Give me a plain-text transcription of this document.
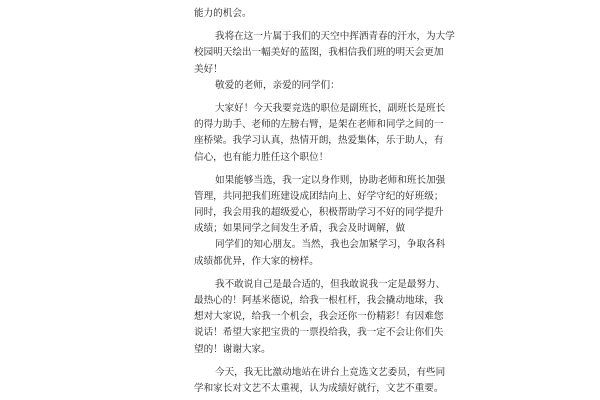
能力的机会。
我将在这一片属于我们的天空中挥洒青春的汗水，为大学
校园明天绘出一幅美好的蓝图，我相信我们班的明天会更加
美好！
敬爱的老师，亲爱的同学们：
大家好！今天我要竞选的职位是副班长，副班长是班长
的得力助手、老师的左膀右臂，是架在老师和同学之间的一
座桥梁。我学习认真，热情开朗，热爱集体，乐于助人，有
信心，也有能力胜任这个职位！
如果能够当选，我一定以身作则，协助老师和班长加强
管理，共同把我们班建设成团结向上、好学守纪的好班级；
同时，我会用我的超级爱心，积极帮助学习不好的同学提升
成绩；如果同学之间发生矛盾，我会及时调解，做
同学们的知心朋友。当然，我也会加紧学习，争取各科
成绩都优异，作大家的榜样。
我不敢说自己是最合适的，但我敢说我一定是最努力、
最热心的！阿基米德说，给我一根杠杆，我会撬动地球，我
想对大家说，给我一个机会，我会还你一份精彩！有因难您
说话！希望大家把宝贵的一票投给我，我一定不会让你们失
望的！谢谢大家。
今天，我无比激动地站在讲台上竞选文艺委员，有些同
学和家长对文艺不太重视，认为成绩好就行，文艺不重要。
